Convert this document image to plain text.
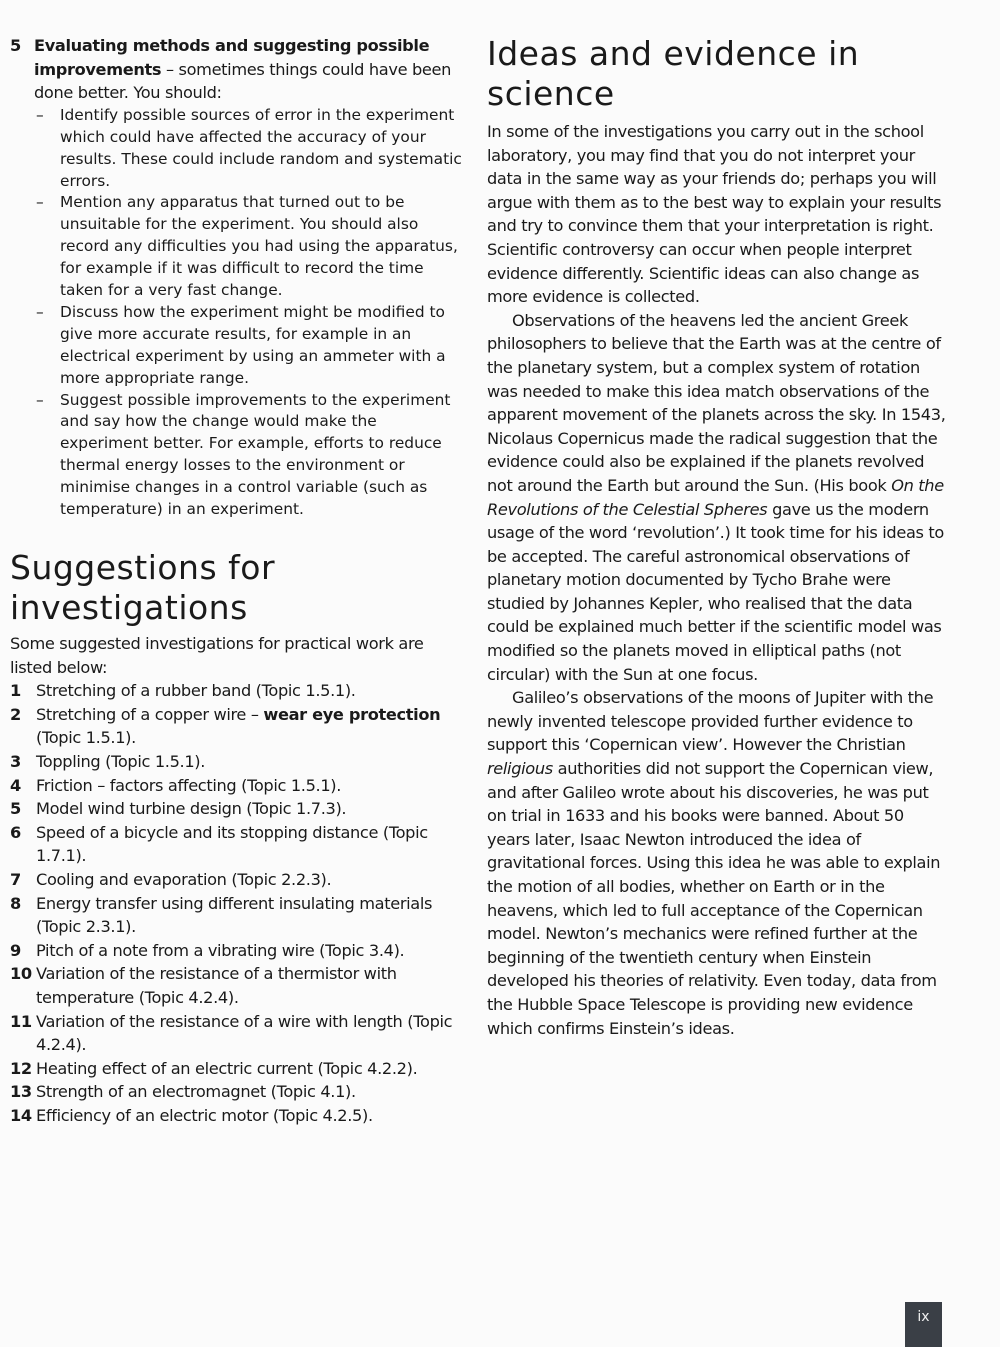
5 Evaluating methods and suggesting possible improvements – sometimes things could have been done better. You should:
– Identify possible sources of error in the experiment which could have affected the accuracy of your results. These could include random and systematic errors.
– Mention any apparatus that turned out to be unsuitable for the experiment. You should also record any difficulties you had using the apparatus, for example if it was difficult to record the time taken for a very fast change.
– Discuss how the experiment might be modified to give more accurate results, for example in an electrical experiment by using an ammeter with a more appropriate range.
– Suggest possible improvements to the experiment and say how the change would make the experiment better. For example, efforts to reduce thermal energy losses to the environment or minimise changes in a control variable (such as temperature) in an experiment.
Suggestions for
investigations

Some suggested investigations for practical work are listed below:

1 Stretching of a rubber band (Topic 1.5.1).
2 Stretching of a copper wire – wear eye protection (Topic 1.5.1).
3 Toppling (Topic 1.5.1).
4 Friction – factors affecting (Topic 1.5.1).
5 Model wind turbine design (Topic 1.7.3).
6 Speed of a bicycle and its stopping distance (Topic 1.7.1).
7 Cooling and evaporation (Topic 2.2.3).
8 Energy transfer using different insulating materials (Topic 2.3.1).
9 Pitch of a note from a vibrating wire (Topic 3.4).
10 Variation of the resistance of a thermistor with temperature (Topic 4.2.4).
11 Variation of the resistance of a wire with length (Topic 4.2.4).
12 Heating effect of an electric current (Topic 4.2.2).
13 Strength of an electromagnet (Topic 4.1).
14 Efficiency of an electric motor (Topic 4.2.5).
Ideas and evidence in
science

In some of the investigations you carry out in the school laboratory, you may find that you do not interpret your data in the same way as your friends do; perhaps you will argue with them as to the best way to explain your results and try to convince them that your interpretation is right. Scientific controversy can occur when people interpret evidence differently. Scientific ideas can also change as more evidence is collected.

Observations of the heavens led the ancient Greek philosophers to believe that the Earth was at the centre of the planetary system, but a complex system of rotation was needed to make this idea match observations of the apparent movement of the planets across the sky. In 1543, Nicolaus Copernicus made the radical suggestion that the evidence could also be explained if the planets revolved not around the Earth but around the Sun. (His book On the Revolutions of the Celestial Spheres gave us the modern usage of the word ‘revolution’.) It took time for his ideas to be accepted. The careful astronomical observations of planetary motion documented by Tycho Brahe were studied by Johannes Kepler, who realised that the data could be explained much better if the scientific model was modified so the planets moved in elliptical paths (not circular) with the Sun at one focus.

Galileo’s observations of the moons of Jupiter with the newly invented telescope provided further evidence to support this ‘Copernican view’. However the Christian religious authorities did not support the Copernican view, and after Galileo wrote about his discoveries, he was put on trial in 1633 and his books were banned. About 50 years later, Isaac Newton introduced the idea of gravitational forces. Using this idea he was able to explain the motion of all bodies, whether on Earth or in the heavens, which led to full acceptance of the Copernican model. Newton’s mechanics were refined further at the beginning of the twentieth century when Einstein developed his theories of relativity. Even today, data from the Hubble Space Telescope is providing new evidence which confirms Einstein’s ideas.

ix
